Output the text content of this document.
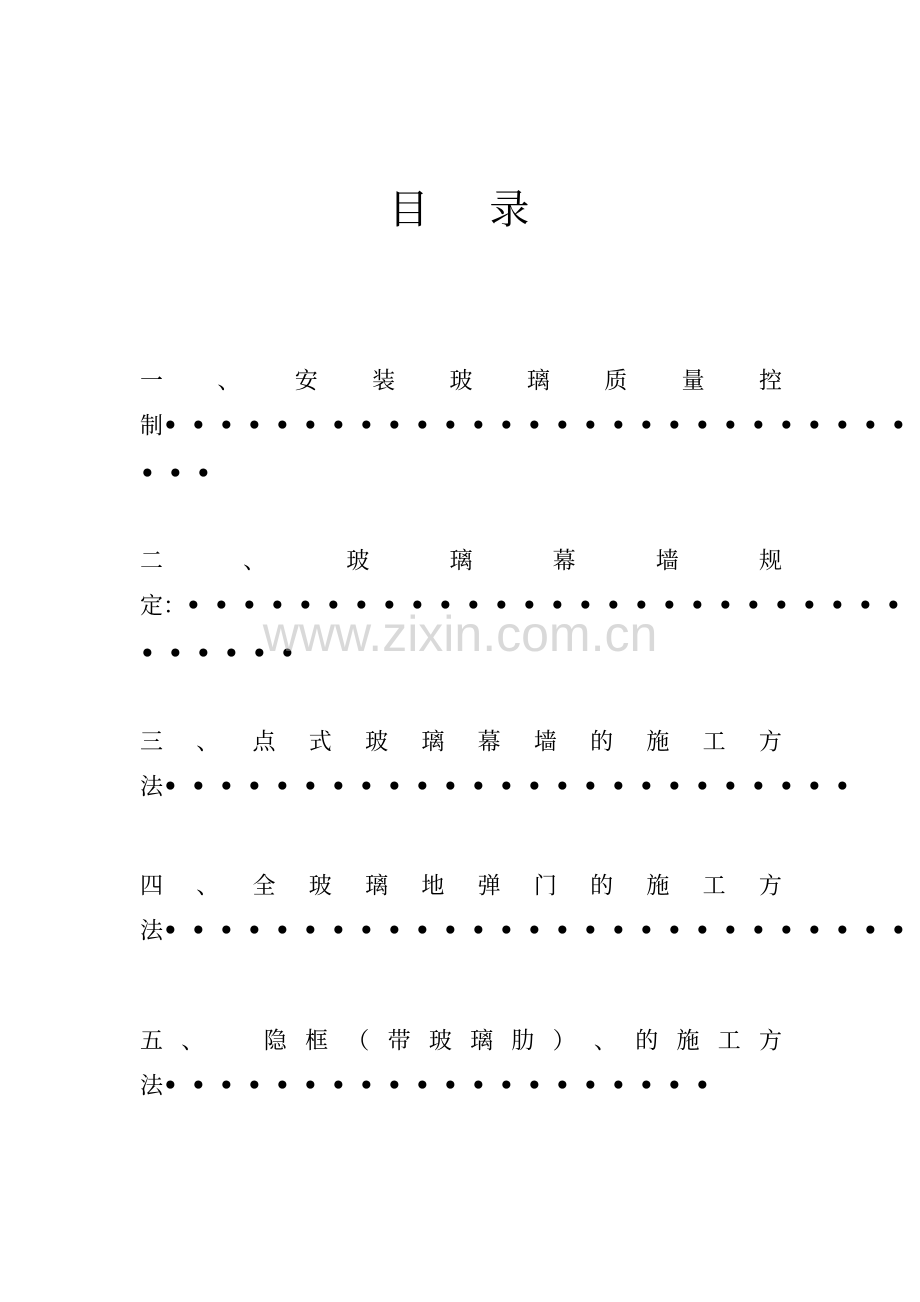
目    录
一 、 安 装 玻 璃 质 量 控
制•••••••••••••••••••••••••••
•••
二	、	玻	璃	幕	墙	规
定：••••••••••••••••••••••••••
••••••
三 、 点 式 玻 璃 幕 墙 的 施 工 方
法•••••••••••••••••••••••••
四 、 全 玻 璃 地 弹 门 的 施 工 方
法•••••••••••••••••••••••••••
五 、	隐 框 （ 带 玻 璃 肋 ） 、 的 施 工 方
法••••••••••••••••••••
www.zixin.com.cn
